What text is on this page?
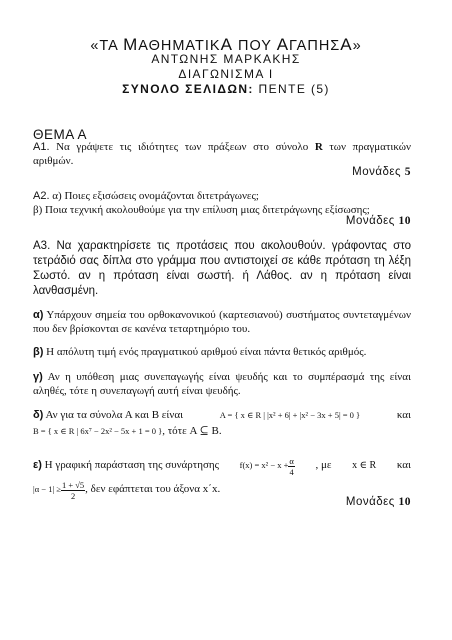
«ΤΑ ΜΑΘΗΜΑΤΙΚΑ ΠΟΥ ΑΓΑΠΗΣΑ»
ΑΝΤΩΝΗΣ ΜΑΡΚΑΚΗΣ
ΔΙΑΓΩΝΙΣΜΑ Ι
ΣΥΝΟΛΟ ΣΕΛΙΔΩΝ: ΠΕΝΤΕ (5)
ΘΕΜΑ Α
Α1. Να γράψετε τις ιδιότητες των πράξεων στο σύνολο R των πραγματικών αριθμών.
Μονάδες 5
Α2. α) Ποιες εξισώσεις ονομάζονται διτετράγωνες;
β) Ποια τεχνική ακολουθούμε για την επίλυση μιας διτετράγωνης εξίσωσης;
Μονάδες 10
Α3. Να χαρακτηρίσετε τις προτάσεις που ακολουθούν. γράφοντας στο τετράδιό σας δίπλα στο γράμμα που αντιστοιχεί σε κάθε πρόταση τη λέξη Σωστό. αν η πρόταση είναι σωστή. ή Λάθος. αν η πρόταση είναι λανθασμένη.
α) Υπάρχουν σημεία του ορθοκανονικού (καρτεσιανού) συστήματος συντεταγμένων που δεν βρίσκονται σε κανένα τεταρτημόριο του.
β) Η απόλυτη τιμή ενός πραγματικού αριθμού είναι πάντα θετικός αριθμός.
γ) Αν η υπόθεση μιας συνεπαγωγής είναι ψευδής και το συμπέρασμά της είναι αληθές, τότε η συνεπαγωγή αυτή είναι ψευδής.
δ) Αν για τα σύνολα Α και Β είναι	A = { x ∈ R | |x² + 6| + |x² − 3x + 5| = 0 }	και
B = { x ∈ R | 6x⁷ − 2x² − 5x + 1 = 0 } , τότε A ⊆ B.
ε) Η γραφική παράσταση της συνάρτησης $f(x) = x^2 - x + \frac{\alpha}{4}$ , με x ∈ R και
$|\alpha - 1| \ge \frac{1 + √5}{2}$ , δεν εφάπτεται του άξονα x΄x.
Μονάδες 10
